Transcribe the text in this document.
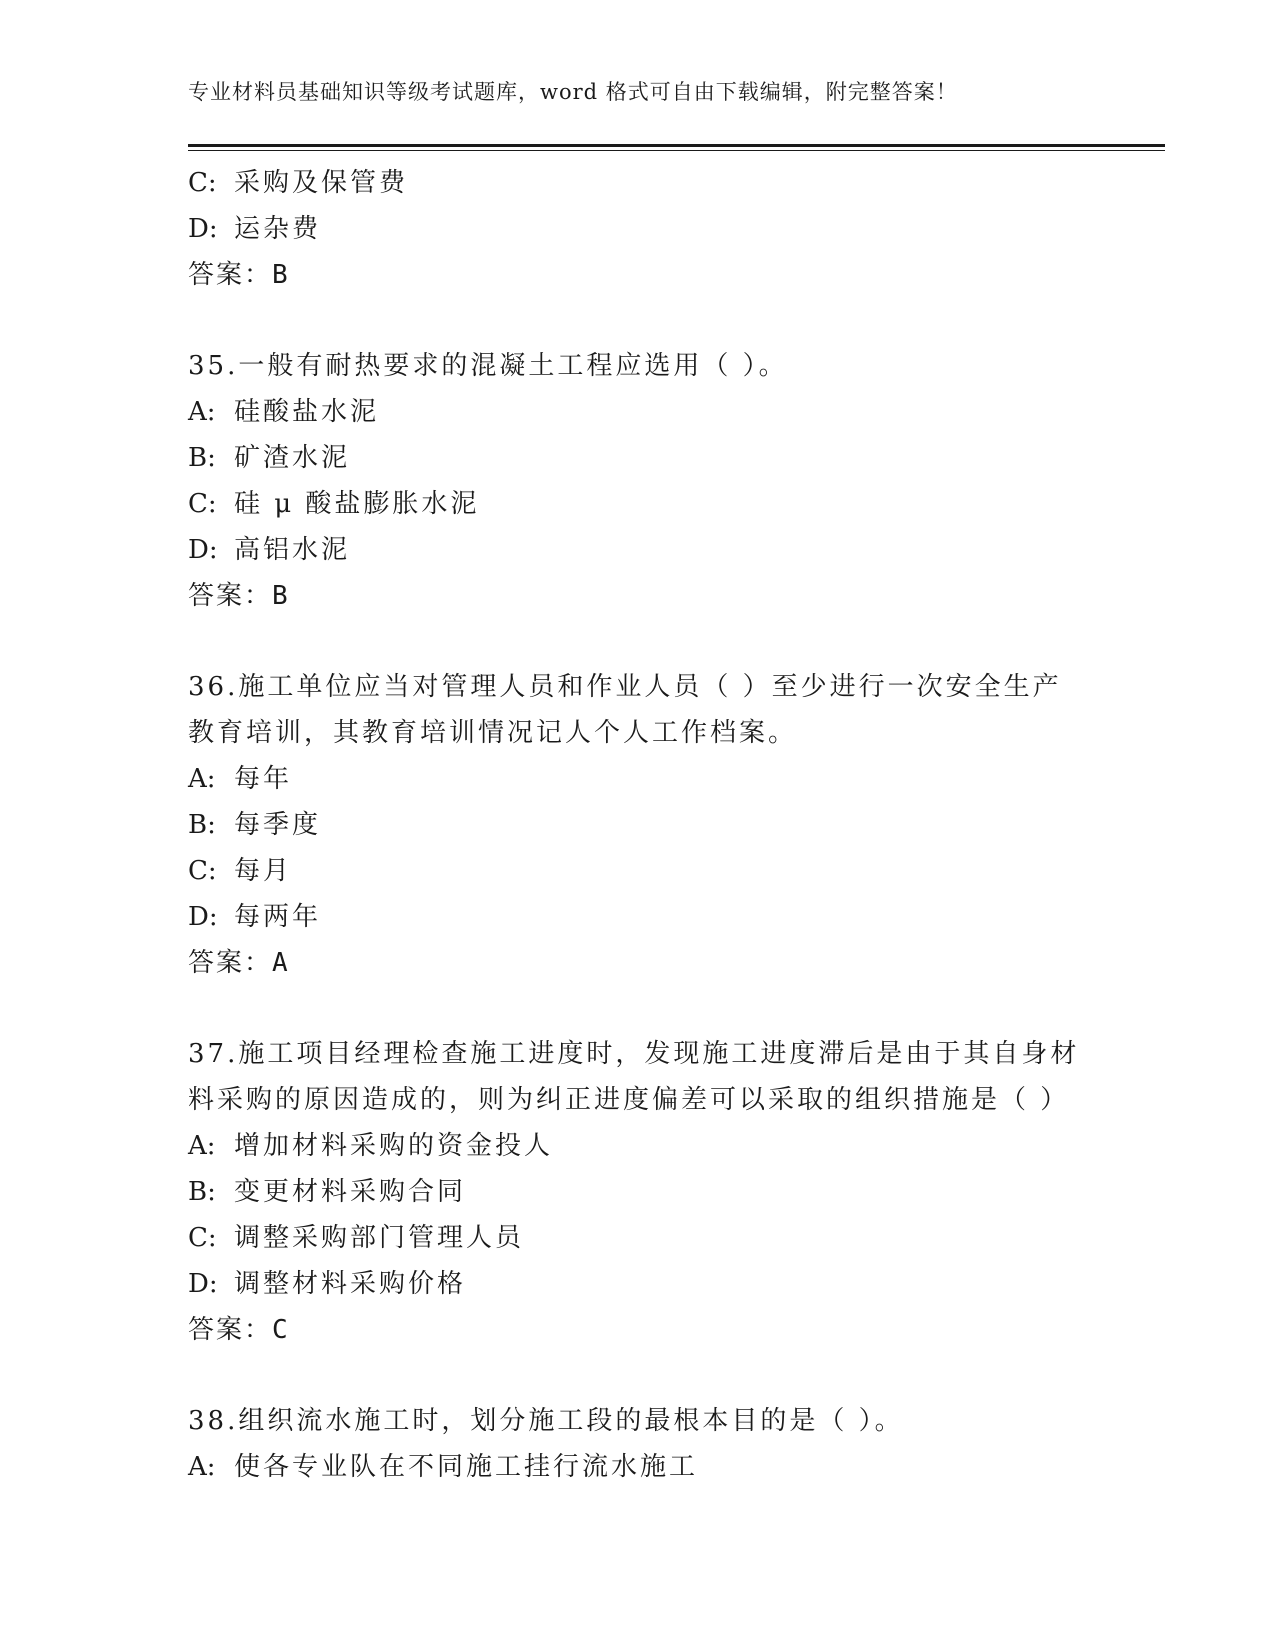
专业材料员基础知识等级考试题库，word 格式可自由下载编辑，附完整答案！
C: 采购及保管费
D: 运杂费
答案：B
35.一般有耐热要求的混凝土工程应选用（ ）。
A: 硅酸盐水泥
B: 矿渣水泥
C: 硅 μ 酸盐膨胀水泥
D: 高铝水泥
答案：B
36.施工单位应当对管理人员和作业人员（ ）至少进行一次安全生产
教育培训，其教育培训情况记人个人工作档案。
A: 每年
B: 每季度
C: 每月
D: 每两年
答案：A
37.施工项目经理检查施工进度时，发现施工进度滞后是由于其自身材
料采购的原因造成的，则为纠正进度偏差可以采取的组织措施是（ ）
A: 增加材料采购的资金投人
B: 变更材料采购合同
C: 调整采购部门管理人员
D: 调整材料采购价格
答案：C
38.组织流水施工时，划分施工段的最根本目的是（ ）。
A: 使各专业队在不同施工挂行流水施工
